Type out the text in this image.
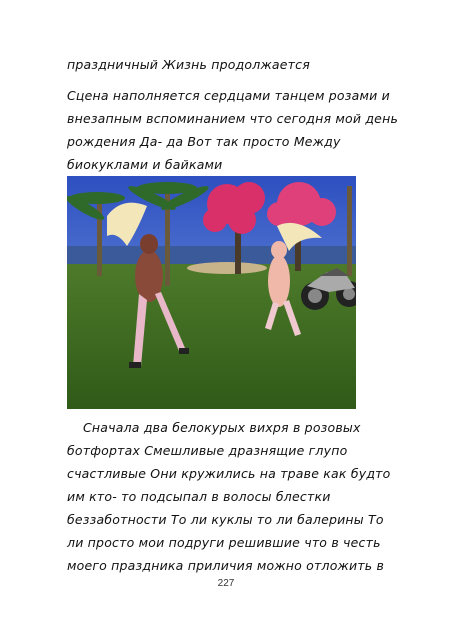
праздничный Жизнь продолжается
Сцена наполняется сердцами танцем розами и
внезапным вспоминанием что сегодня мой день
рождения Да- да Вот так просто Между
биокуклами и байками
Сначала два белокурых вихря в розовых
ботфортах Смешливые дразнящие глупо
счастливые Они кружились на траве как будто
им кто- то подсыпал в волосы блестки
беззаботности То ли куклы то ли балерины То
ли просто мои подруги решившие что в честь
моего праздника приличия можно отложить в
227
